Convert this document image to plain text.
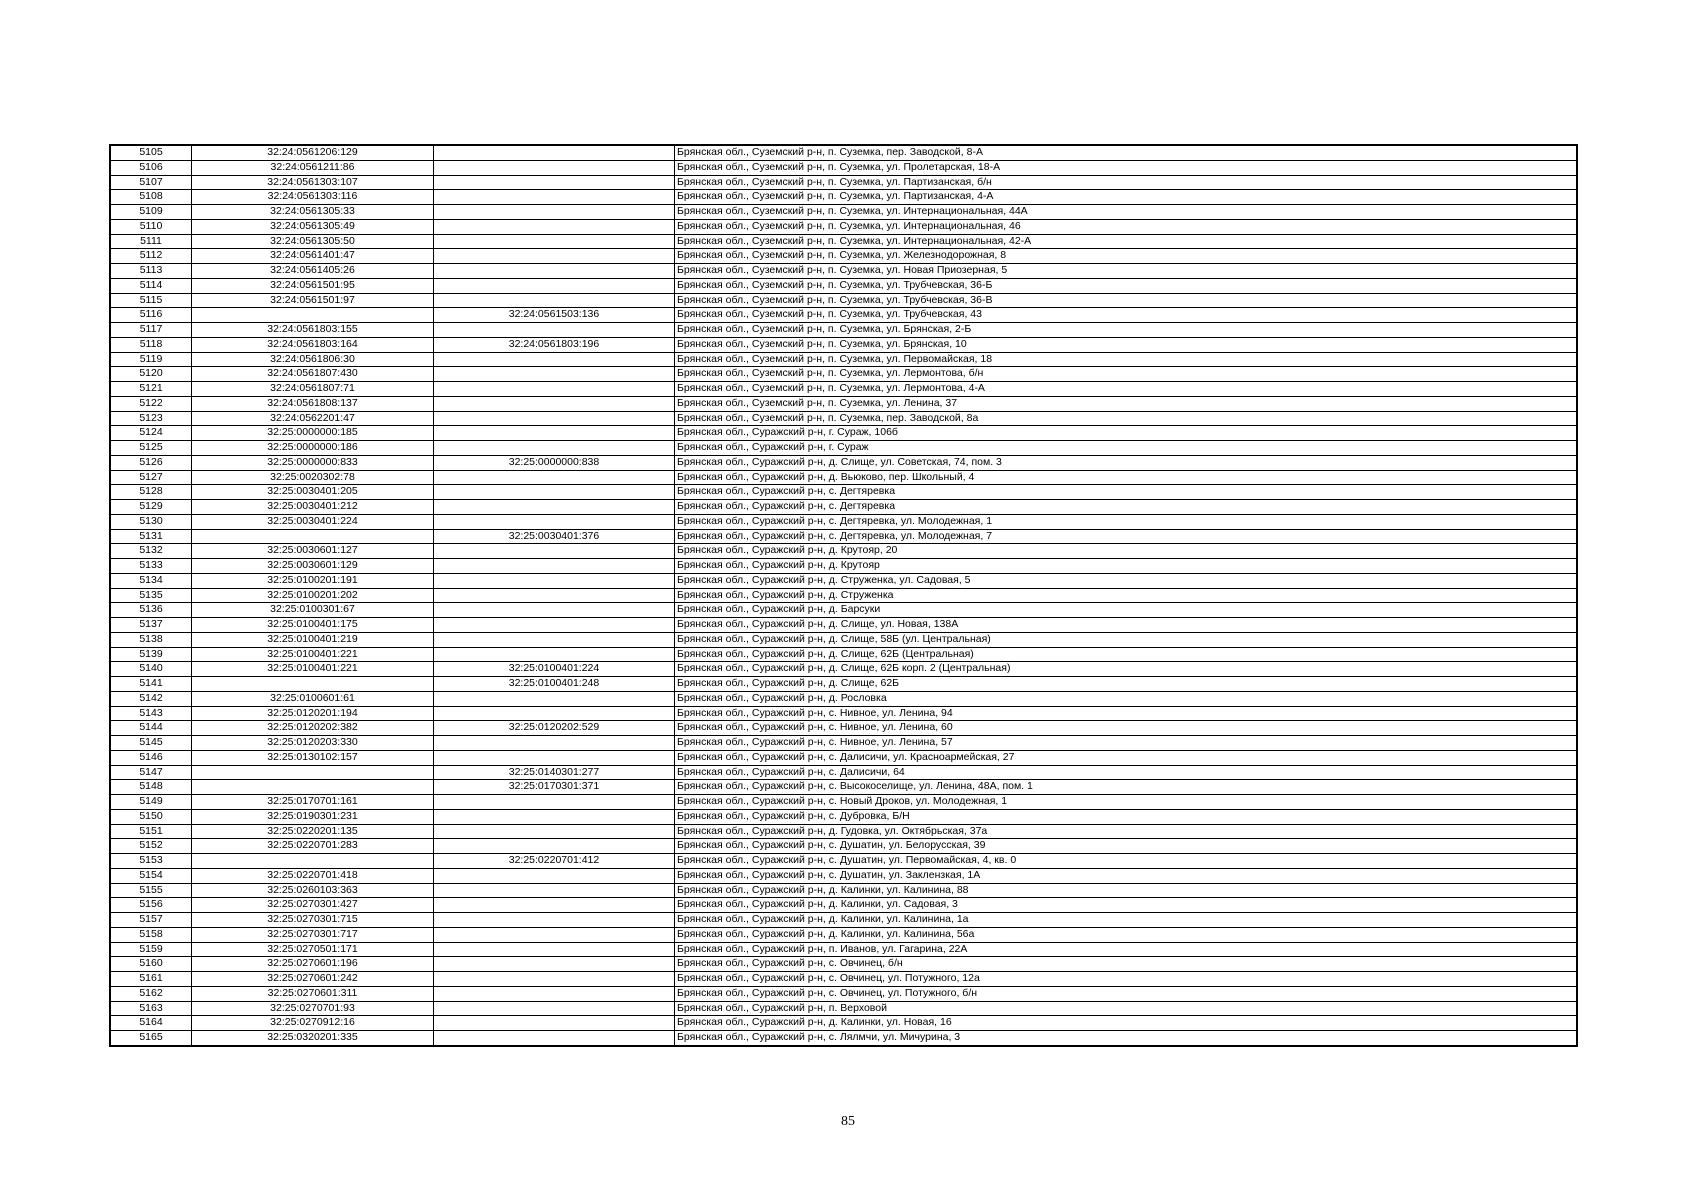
5105	32:24:0561206:129		Брянская обл., Суземский р-н, п. Суземка, пер. Заводской, 8-А
5106	32:24:0561211:86		Брянская обл., Суземский р-н, п. Суземка, ул. Пролетарская, 18-А
5107	32:24:0561303:107		Брянская обл., Суземский р-н, п. Суземка, ул. Партизанская, б/н
5108	32:24:0561303:116		Брянская обл., Суземский р-н, п. Суземка, ул. Партизанская, 4-А
5109	32:24:0561305:33		Брянская обл., Суземский р-н, п. Суземка, ул. Интернациональная, 44А
5110	32:24:0561305:49		Брянская обл., Суземский р-н, п. Суземка, ул. Интернациональная, 46
5111	32:24:0561305:50		Брянская обл., Суземский р-н, п. Суземка, ул. Интернациональная, 42-А
5112	32:24:0561401:47		Брянская обл., Суземский р-н, п. Суземка, ул. Железнодорожная, 8
5113	32:24:0561405:26		Брянская обл., Суземский р-н, п. Суземка, ул. Новая Приозерная, 5
5114	32:24:0561501:95		Брянская обл., Суземский р-н, п. Суземка, ул. Трубчевская, 36-Б
5115	32:24:0561501:97		Брянская обл., Суземский р-н, п. Суземка, ул. Трубчевская, 36-В
5116		32:24:0561503:136	Брянская обл., Суземский р-н, п. Суземка, ул. Трубчевская, 43
5117	32:24:0561803:155		Брянская обл., Суземский р-н, п. Суземка, ул. Брянская, 2-Б
5118	32:24:0561803:164	32:24:0561803:196	Брянская обл., Суземский р-н, п. Суземка, ул. Брянская, 10
5119	32:24:0561806:30		Брянская обл., Суземский р-н, п. Суземка, ул. Первомайская, 18
5120	32:24:0561807:430		Брянская обл., Суземский р-н, п. Суземка, ул. Лермонтова, б/н
5121	32:24:0561807:71		Брянская обл., Суземский р-н, п. Суземка, ул. Лермонтова, 4-А
5122	32:24:0561808:137		Брянская обл., Суземский р-н, п. Суземка, ул. Ленина, 37
5123	32:24:0562201:47		Брянская обл., Суземский р-н, п. Суземка, пер. Заводской, 8а
5124	32:25:0000000:185		Брянская обл., Суражский р-н, г. Сураж, 106б
5125	32:25:0000000:186		Брянская обл., Суражский р-н, г. Сураж
5126	32:25:0000000:833	32:25:0000000:838	Брянская обл., Суражский р-н, д. Слище, ул. Советская, 74, пом. 3
5127	32:25:0020302:78		Брянская обл., Суражский р-н, д. Вьюково, пер. Школьный, 4
5128	32:25:0030401:205		Брянская обл., Суражский р-н, с. Дегтяревка
5129	32:25:0030401:212		Брянская обл., Суражский р-н, с. Дегтяревка
5130	32:25:0030401:224		Брянская обл., Суражский р-н, с. Дегтяревка, ул. Молодежная, 1
5131		32:25:0030401:376	Брянская обл., Суражский р-н, с. Дегтяревка, ул. Молодежная, 7
5132	32:25:0030601:127		Брянская обл., Суражский р-н, д. Крутояр, 20
5133	32:25:0030601:129		Брянская обл., Суражский р-н, д. Крутояр
5134	32:25:0100201:191		Брянская обл., Суражский р-н, д. Струженка, ул. Садовая, 5
5135	32:25:0100201:202		Брянская обл., Суражский р-н, д. Струженка
5136	32:25:0100301:67		Брянская обл., Суражский р-н, д. Барсуки
5137	32:25:0100401:175		Брянская обл., Суражский р-н, д. Слище, ул. Новая, 138А
5138	32:25:0100401:219		Брянская обл., Суражский р-н, д. Слище, 58Б (ул. Центральная)
5139	32:25:0100401:221		Брянская обл., Суражский р-н, д. Слище, 62Б (Центральная)
5140	32:25:0100401:221	32:25:0100401:224	Брянская обл., Суражский р-н, д. Слище, 62Б корп. 2 (Центральная)
5141		32:25:0100401:248	Брянская обл., Суражский р-н, д. Слище, 62Б
5142	32:25:0100601:61		Брянская обл., Суражский р-н, д. Рословка
5143	32:25:0120201:194		Брянская обл., Суражский р-н, с. Нивное, ул. Ленина, 94
5144	32:25:0120202:382	32:25:0120202:529	Брянская обл., Суражский р-н, с. Нивное, ул. Ленина, 60
5145	32:25:0120203:330		Брянская обл., Суражский р-н, с. Нивное, ул. Ленина, 57
5146	32:25:0130102:157		Брянская обл., Суражский р-н, с. Далисичи, ул. Красноармейская, 27
5147		32:25:0140301:277	Брянская обл., Суражский р-н, с. Далисичи, 64
5148		32:25:0170301:371	Брянская обл., Суражский р-н, с. Высокоселище, ул. Ленина, 48А, пом. 1
5149	32:25:0170701:161		Брянская обл., Суражский р-н, с. Новый Дроков, ул. Молодежная, 1
5150	32:25:0190301:231		Брянская обл., Суражский р-н, с. Дубровка, Б/Н
5151	32:25:0220201:135		Брянская обл., Суражский р-н, д. Гудовка, ул. Октябрьская, 37а
5152	32:25:0220701:283		Брянская обл., Суражский р-н, с. Душатин, ул. Белорусская, 39
5153		32:25:0220701:412	Брянская обл., Суражский р-н, с. Душатин, ул. Первомайская, 4, кв. 0
5154	32:25:0220701:418		Брянская обл., Суражский р-н, с. Душатин, ул. Заклензкая, 1А
5155	32:25:0260103:363		Брянская обл., Суражский р-н, д. Калинки, ул. Калинина, 88
5156	32:25:0270301:427		Брянская обл., Суражский р-н, д. Калинки, ул. Садовая, 3
5157	32:25:0270301:715		Брянская обл., Суражский р-н, д. Калинки, ул. Калинина, 1а
5158	32:25:0270301:717		Брянская обл., Суражский р-н, д. Калинки, ул. Калинина, 56а
5159	32:25:0270501:171		Брянская обл., Суражский р-н, п. Иванов, ул. Гагарина, 22А
5160	32:25:0270601:196		Брянская обл., Суражский р-н, с. Овчинец, б/н
5161	32:25:0270601:242		Брянская обл., Суражский р-н, с. Овчинец, ул. Потужного, 12а
5162	32:25:0270601:311		Брянская обл., Суражский р-н, с. Овчинец, ул. Потужного, б/н
5163	32:25:0270701:93		Брянская обл., Суражский р-н, п. Верховой
5164	32:25:0270912:16		Брянская обл., Суражский р-н, д. Калинки, ул. Новая, 16
5165	32:25:0320201:335		Брянская обл., Суражский р-н, с. Лялмчи, ул. Мичурина, 3
85
